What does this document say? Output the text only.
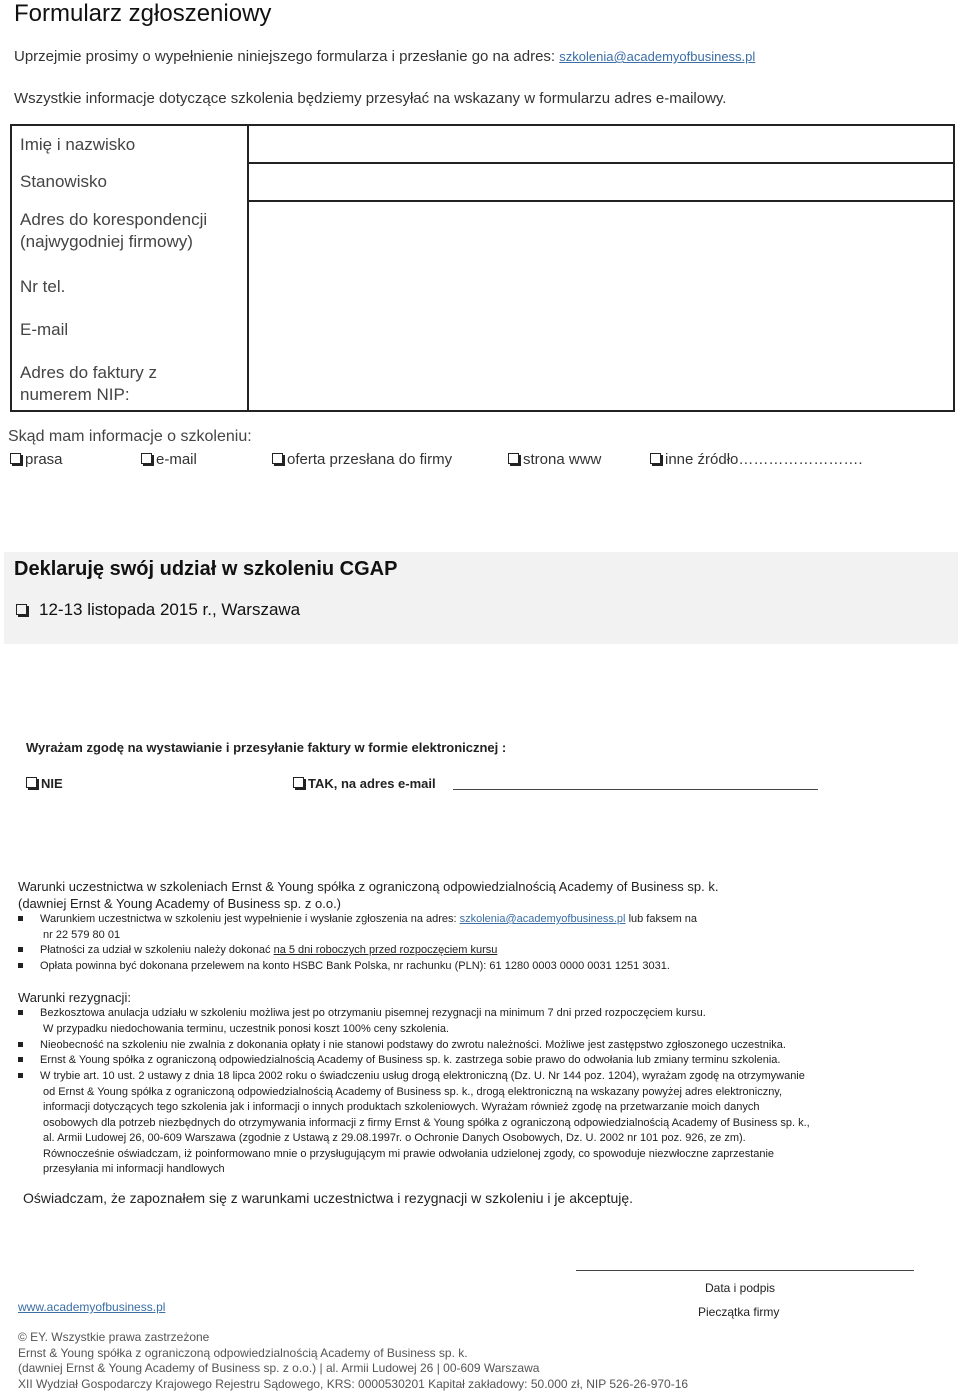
Formularz zgłoszeniowy
Uprzejmie prosimy o wypełnienie niniejszego formularza i przesłanie go na adres: szkolenia@academyofbusiness.pl
Wszystkie informacje dotyczące szkolenia będziemy przesyłać na wskazany w formularzu adres e-mailowy.
Imię i nazwisko
Stanowisko
Adres do korespondencji
(najwygodniej firmowy)
Nr tel.
E-mail
Adres do faktury z
numerem NIP:
Skąd mam informacje o szkoleniu:
prasa	e-mail	oferta przesłana do firmy	strona www	inne źródło…………………….
Deklaruję swój udział w szkoleniu CGAP
12-13 listopada 2015 r., Warszawa
Wyrażam zgodę na wystawianie i przesyłanie faktury w formie elektronicznej :
NIE	TAK, na adres e-mail
Warunki uczestnictwa w szkoleniach Ernst & Young spółka z ograniczoną odpowiedzialnością Academy of Business sp. k.
(dawniej Ernst & Young Academy of Business sp. z o.o.)
Warunkiem uczestnictwa w szkoleniu jest wypełnienie i wysłanie zgłoszenia na adres: szkolenia@academyofbusiness.pl lub faksem na
nr 22 579 80 01
Płatności za udział w szkoleniu należy dokonać na 5 dni roboczych przed rozpoczęciem kursu
Opłata powinna być dokonana przelewem na konto HSBC Bank Polska, nr rachunku (PLN): 61 1280 0003 0000 0031 1251 3031.
Warunki rezygnacji:
Bezkosztowa anulacja udziału w szkoleniu możliwa jest po otrzymaniu pisemnej rezygnacji na minimum 7 dni przed rozpoczęciem kursu.
W przypadku niedochowania terminu, uczestnik ponosi koszt 100% ceny szkolenia.
Nieobecność na szkoleniu nie zwalnia z dokonania opłaty i nie stanowi podstawy do zwrotu należności. Możliwe jest zastępstwo zgłoszonego uczestnika.
Ernst & Young spółka z ograniczoną odpowiedzialnością Academy of Business sp. k. zastrzega sobie prawo do odwołania lub zmiany terminu szkolenia.
W trybie art. 10 ust. 2 ustawy z dnia 18 lipca 2002 roku o świadczeniu usług drogą elektroniczną (Dz. U. Nr 144 poz. 1204), wyrażam zgodę na otrzymywanie
od Ernst & Young spółka z ograniczoną odpowiedzialnością Academy of Business sp. k., drogą elektroniczną na wskazany powyżej adres elektroniczny,
informacji dotyczących tego szkolenia jak i informacji o innych produktach szkoleniowych. Wyrażam również zgodę na przetwarzanie moich danych
osobowych dla potrzeb niezbędnych do otrzymywania informacji z firmy Ernst & Young spółka z ograniczoną odpowiedzialnością Academy of Business sp. k.,
al. Armii Ludowej 26, 00-609 Warszawa (zgodnie z Ustawą z 29.08.1997r. o Ochronie Danych Osobowych, Dz. U. 2002 nr 101 poz. 926, ze zm).
Równocześnie oświadczam, iż poinformowano mnie o przysługującym mi prawie odwołania udzielonej zgody, co spowoduje niezwłoczne zaprzestanie
przesyłania mi informacji handlowych
Oświadczam, że zapoznałem się z warunkami uczestnictwa i rezygnacji w szkoleniu i je akceptuję.
Data i podpis
Pieczątka firmy
www.academyofbusiness.pl
© EY. Wszystkie prawa zastrzeżone
Ernst & Young spółka z ograniczoną odpowiedzialnością Academy of Business sp. k.
(dawniej Ernst & Young Academy of Business sp. z o.o.) | al. Armii Ludowej 26 | 00-609 Warszawa
XII Wydział Gospodarczy Krajowego Rejestru Sądowego, KRS: 0000530201 Kapitał zakładowy: 50.000 zł, NIP 526-26-970-16
